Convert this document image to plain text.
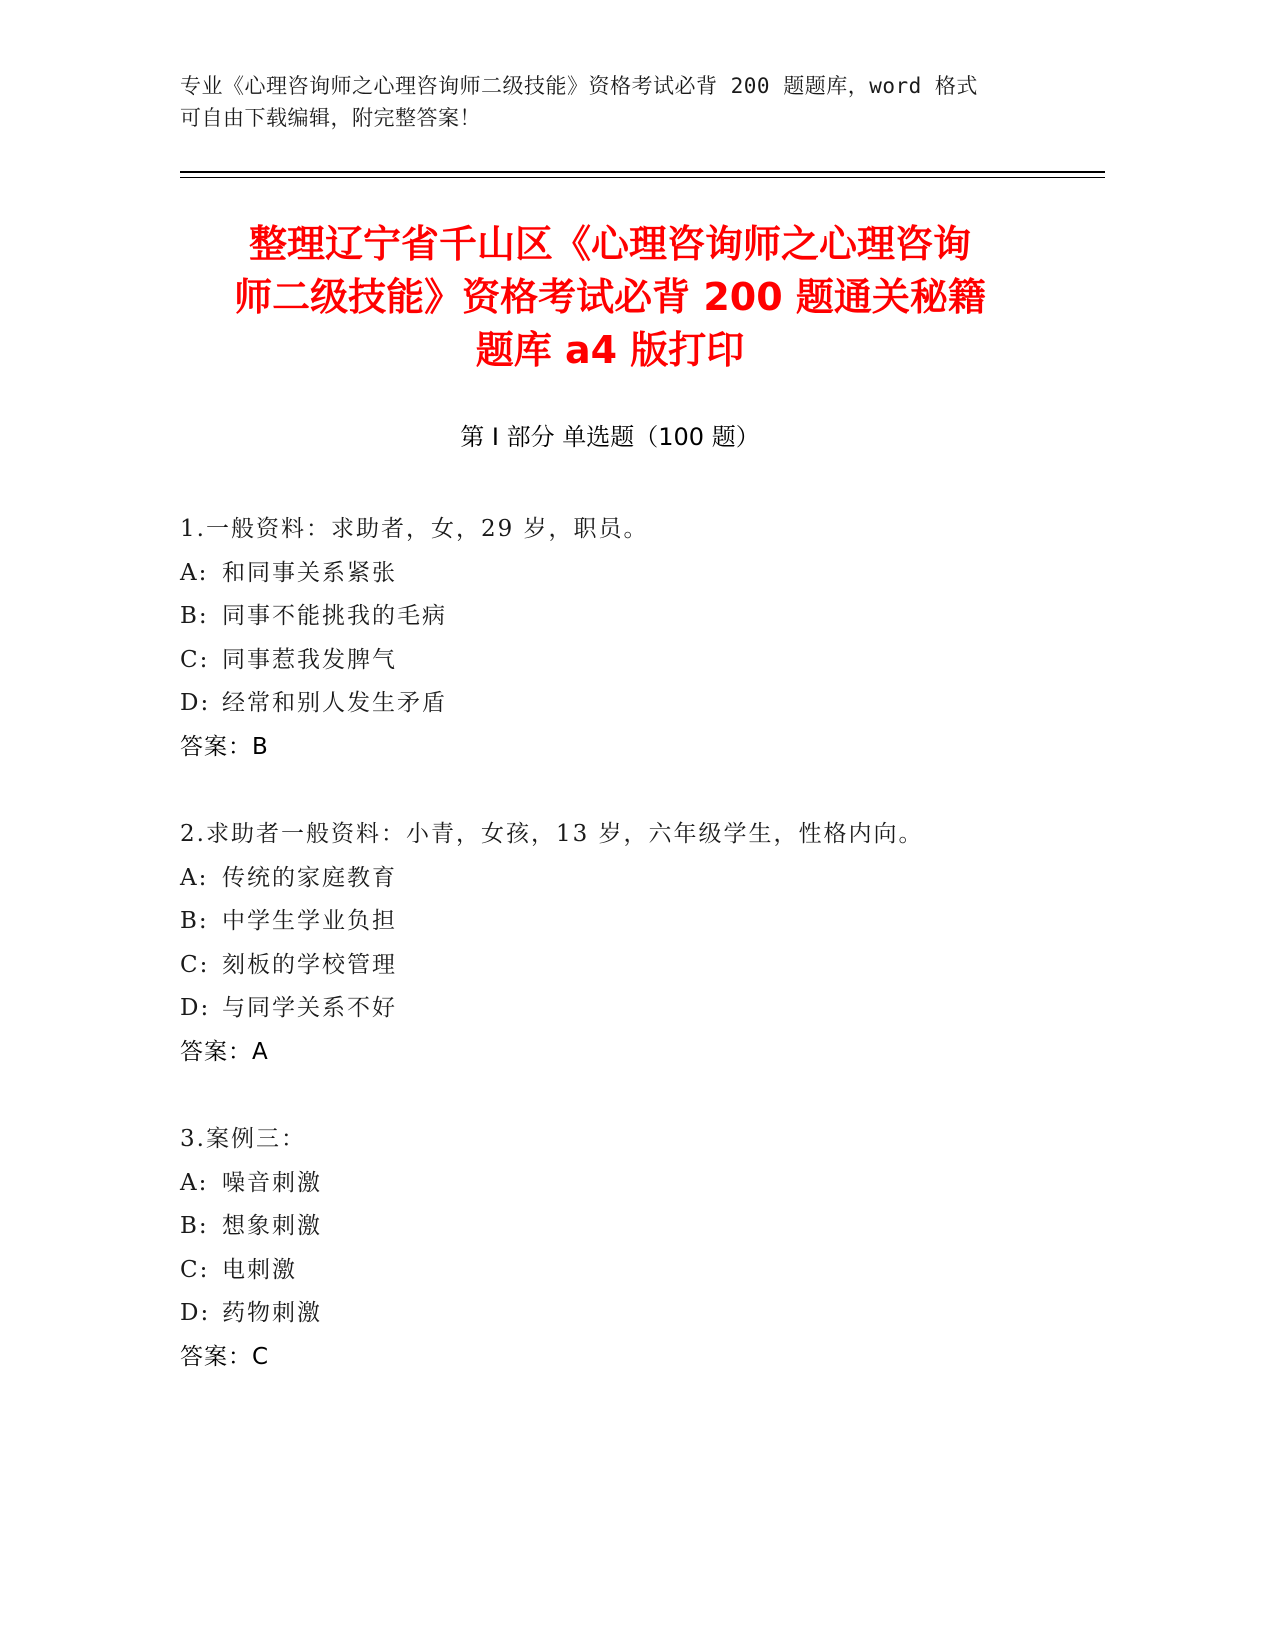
专业《心理咨询师之心理咨询师二级技能》资格考试必背 200 题题库，word 格式
可自由下载编辑，附完整答案！
整理辽宁省千山区《心理咨询师之心理咨询
师二级技能》资格考试必背 200 题通关秘籍
题库 a4 版打印
第 I 部分 单选题（100 题）
1.一般资料：求助者，女，29 岁，职员。
A: 和同事关系紧张
B: 同事不能挑我的毛病
C: 同事惹我发脾气
D: 经常和别人发生矛盾
答案：B
2.求助者一般资料：小青，女孩，13 岁，六年级学生，性格内向。
A: 传统的家庭教育
B: 中学生学业负担
C: 刻板的学校管理
D: 与同学关系不好
答案：A
3.案例三：
A: 噪音刺激
B: 想象刺激
C: 电刺激
D: 药物刺激
答案：C
